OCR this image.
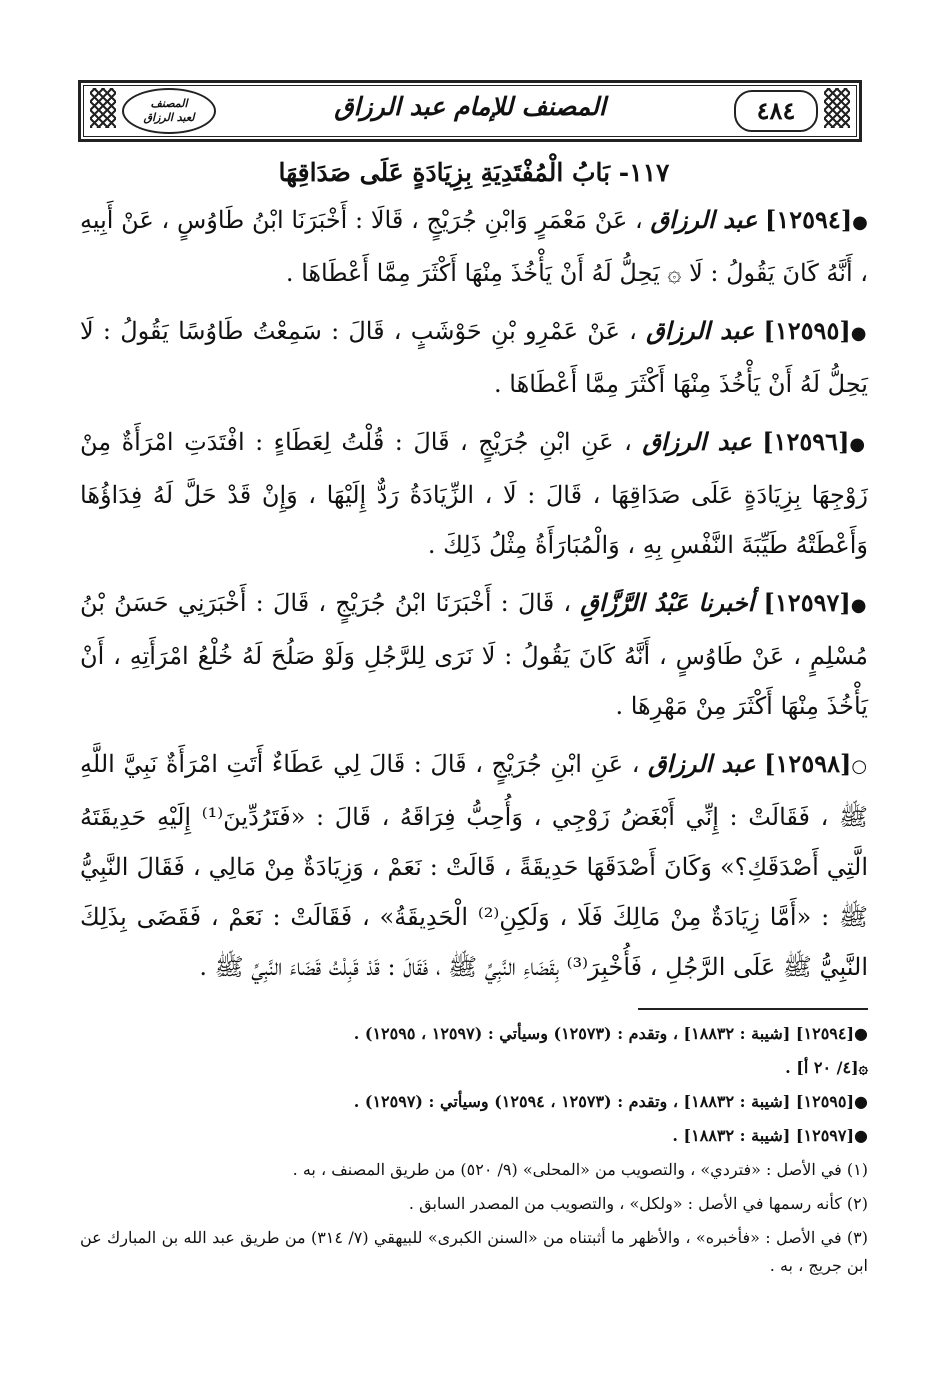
٤٨٤
المصنف للإمام عبد الرزاق
المصنف
لعبد الرزاق
١١٧- بَابُ الْمُفْتَدِيَةِ بِزِيَادَةٍ عَلَى صَدَاقِهَا

●[١٢٥٩٤] عبد الرزاق ، عَنْ مَعْمَرٍ وَابْنِ جُرَيْجٍ ، قَالَا : أَخْبَرَنَا ابْنُ طَاوُسٍ ، عَنْ أَبِيهِ ، أَنَّهُ كَانَ يَقُولُ : لَا ۞ يَحِلُّ لَهُ أَنْ يَأْخُذَ مِنْهَا أَكْثَرَ مِمَّا أَعْطَاهَا .

●[١٢٥٩٥] عبد الرزاق ، عَنْ عَمْرِو بْنِ حَوْشَبٍ ، قَالَ : سَمِعْتُ طَاوُسًا يَقُولُ : لَا يَحِلُّ لَهُ أَنْ يَأْخُذَ مِنْهَا أَكْثَرَ مِمَّا أَعْطَاهَا .

●[١٢٥٩٦] عبد الرزاق ، عَنِ ابْنِ جُرَيْجٍ ، قَالَ : قُلْتُ لِعَطَاءٍ : افْتَدَتِ امْرَأَةٌ مِنْ زَوْجِهَا بِزِيَادَةٍ عَلَى صَدَاقِهَا ، قَالَ : لَا ، الزِّيَادَةُ رَدٌّ إِلَيْهَا ، وَإِنْ قَدْ حَلَّ لَهُ فِدَاؤُهَا وَأَعْطَتْهُ طَيِّبَةَ النَّفْسِ بِهِ ، وَالْمُبَارَأَةُ مِثْلُ ذَلِكَ .

●[١٢٥٩٧] أخبرنا عَبْدُ الرَّزَّاقِ ، قَالَ : أَخْبَرَنَا ابْنُ جُرَيْجٍ ، قَالَ : أَخْبَرَنِي حَسَنُ بْنُ مُسْلِمٍ ، عَنْ طَاوُسٍ ، أَنَّهُ كَانَ يَقُولُ : لَا نَرَى لِلرَّجُلِ وَلَوْ صَلُحَ لَهُ خُلْعُ امْرَأَتِهِ ، أَنْ يَأْخُذَ مِنْهَا أَكْثَرَ مِنْ مَهْرِهَا .

○[١٢٥٩٨] عبد الرزاق ، عَنِ ابْنِ جُرَيْجٍ ، قَالَ : قَالَ لِي عَطَاءٌ أَتَتِ امْرَأَةٌ نَبِيَّ اللَّهِ ﷺ ، فَقَالَتْ : إِنِّي أَبْغَضُ زَوْجِي ، وَأُحِبُّ فِرَاقَهُ ، قَالَ : «فَتَرُدِّينَ⁽¹⁾ إِلَيْهِ حَدِيقَتَهُ الَّتِي أَصْدَقَكِ؟» وَكَانَ أَصْدَقَهَا حَدِيقَةً ، قَالَتْ : نَعَمْ ، وَزِيَادَةٌ مِنْ مَالِي ، فَقَالَ النَّبِيُّ ﷺ : «أَمَّا زِيَادَةٌ مِنْ مَالِكَ فَلَا ، وَلَكِنِ⁽²⁾ الْحَدِيقَةُ» ، فَقَالَتْ : نَعَمْ ، فَقَضَى بِذَلِكَ النَّبِيُّ ﷺ عَلَى الرَّجُلِ ، فَأُخْبِرَ⁽³⁾ بِقَضَاءِ النَّبِيِّ ﷺ ، فَقَالَ : قَدْ قَبِلْتُ قَضَاءَ النَّبِيِّ ﷺ .

●[١٢٥٩٤] [شيبة : ١٨٨٣٢] ، وتقدم : (١٢٥٧٣) وسيأتي : (١٢٥٩٧ ، ١٢٥٩٥) .

۞[٤/ ٢٠ أ] .

●[١٢٥٩٥] [شيبة : ١٨٨٣٢] ، وتقدم : (١٢٥٧٣ ، ١٢٥٩٤) وسيأتي : (١٢٥٩٧) .

●[١٢٥٩٧] [شيبة : ١٨٨٣٢] .

(١) في الأصل : «فتردي» ، والتصويب من «المحلى» (٩/ ٥٢٠) من طريق المصنف ، به .

(٢) كأنه رسمها في الأصل : «ولكل» ، والتصويب من المصدر السابق .

(٣) في الأصل : «فأخبره» ، والأظهر ما أثبتناه من «السنن الكبرى» للبيهقي (٧/ ٣١٤) من طريق عبد الله بن المبارك عن ابن جريج ، به .
